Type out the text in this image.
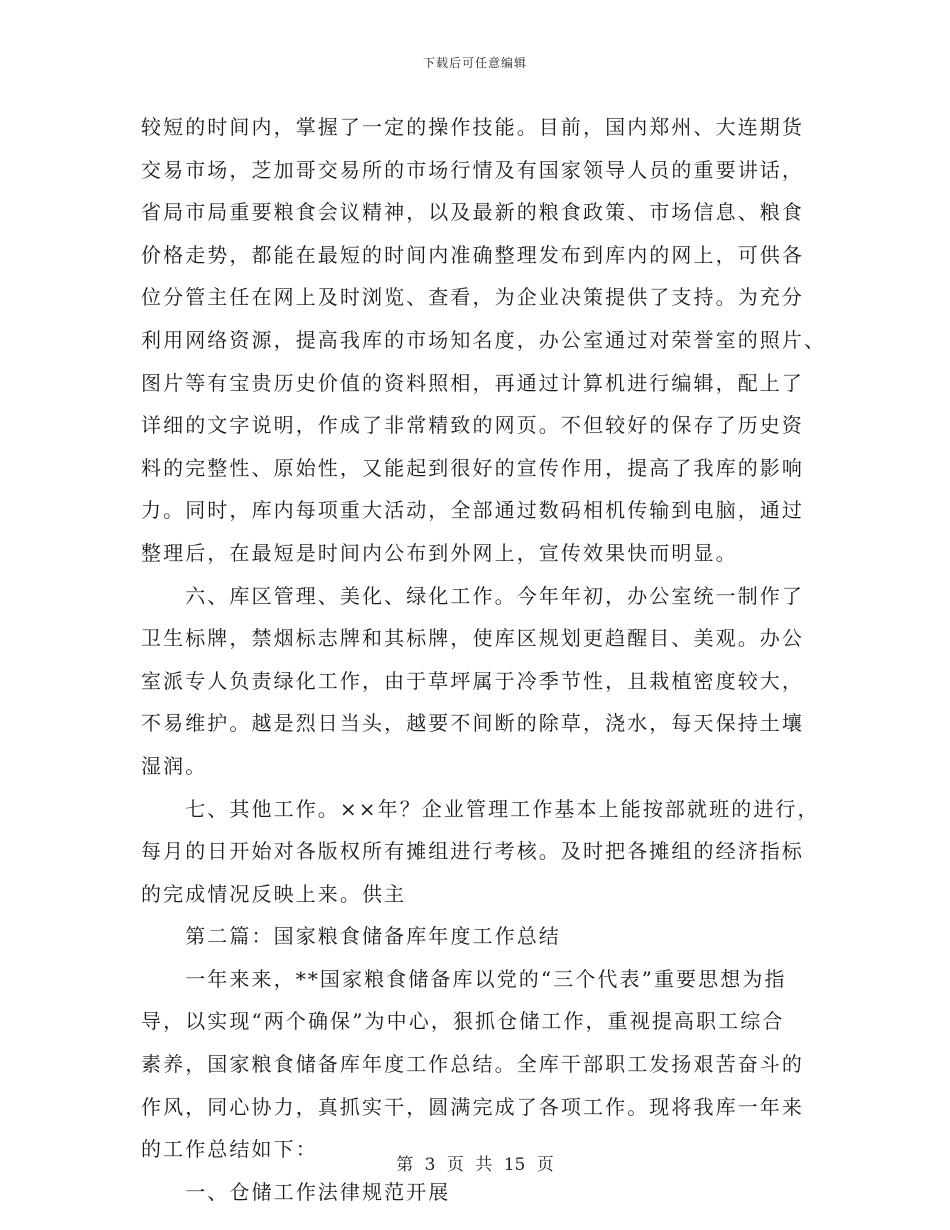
下载后可任意编辑
较短的时间内，掌握了一定的操作技能。目前，国内郑州、大连期货
交易市场，芝加哥交易所的市场行情及有国家领导人员的重要讲话，
省局市局重要粮食会议精神，以及最新的粮食政策、市场信息、粮食
价格走势，都能在最短的时间内准确整理发布到库内的网上，可供各
位分管主任在网上及时浏览、查看，为企业决策提供了支持。为充分
利用网络资源，提高我库的市场知名度，办公室通过对荣誉室的照片、
图片等有宝贵历史价值的资料照相，再通过计算机进行编辑，配上了
详细的文字说明，作成了非常精致的网页。不但较好的保存了历史资
料的完整性、原始性，又能起到很好的宣传作用，提高了我库的影响
力。同时，库内每项重大活动，全部通过数码相机传输到电脑，通过
整理后，在最短是时间内公布到外网上，宣传效果快而明显。
　　六、库区管理、美化、绿化工作。今年年初，办公室统一制作了
卫生标牌，禁烟标志牌和其标牌，使库区规划更趋醒目、美观。办公
室派专人负责绿化工作，由于草坪属于冷季节性，且栽植密度较大，
不易维护。越是烈日当头，越要不间断的除草，浇水，每天保持土壤
湿润。
　　七、其他工作。××年？企业管理工作基本上能按部就班的进行，
每月的日开始对各版权所有摊组进行考核。及时把各摊组的经济指标
的完成情况反映上来。供主
　　第二篇：国家粮食储备库年度工作总结
　　一年来来，**国家粮食储备库以党的“三个代表”重要思想为指
导，以实现“两个确保”为中心，狠抓仓储工作，重视提高职工综合
素养，国家粮食储备库年度工作总结。全库干部职工发扬艰苦奋斗的
作风，同心协力，真抓实干，圆满完成了各项工作。现将我库一年来
的工作总结如下：
　　一、仓储工作法律规范开展
第 3 页 共 15 页
